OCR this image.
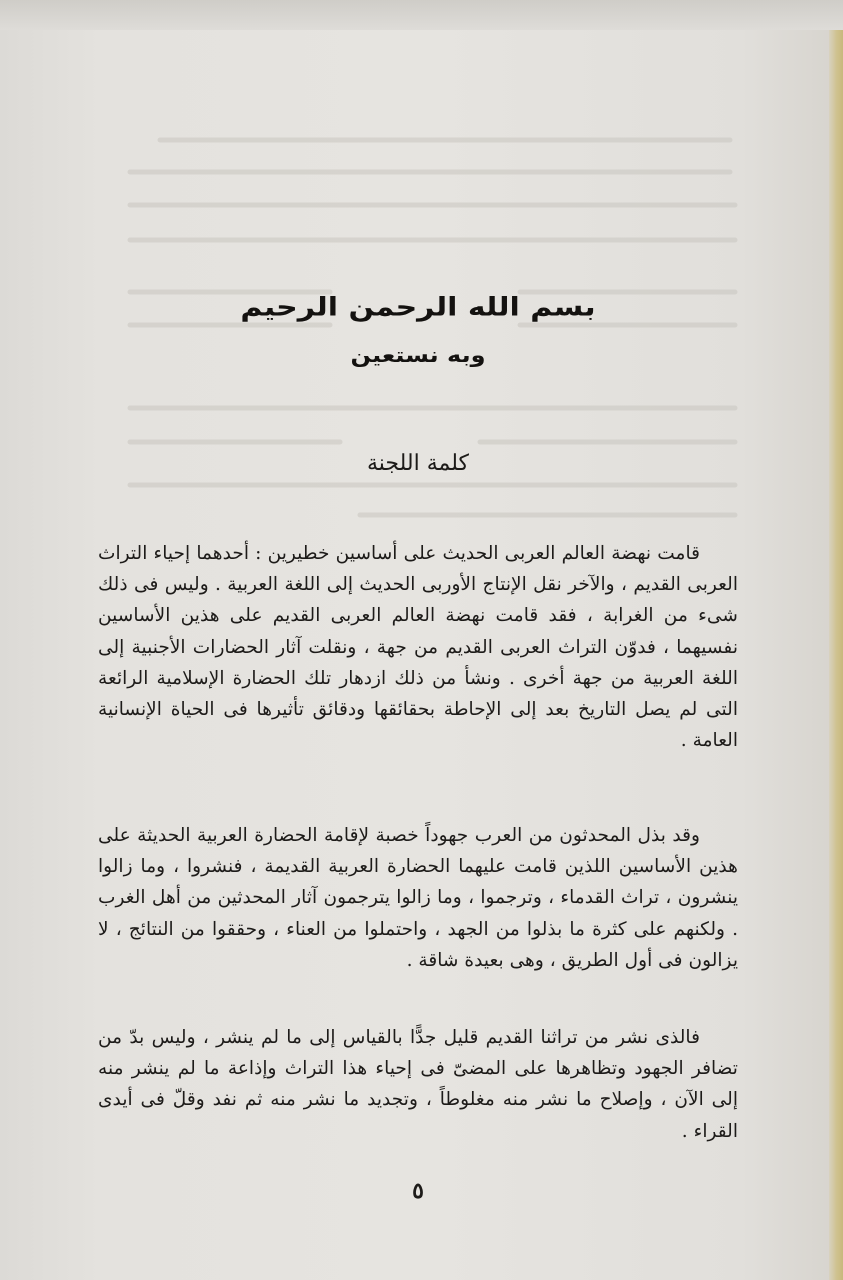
بسم الله الرحمن الرحيم
وبه نستعين
كلمة اللجنة

قامت نهضة العالم العربى الحديث على أساسين خطيرين : أحدهما إحياء التراث العربى القديم ، والآخر نقل الإنتاج الأوربى الحديث إلى اللغة العربية . وليس فى ذلك شىء من الغرابة ، فقد قامت نهضة العالم العربى القديم على هذين الأساسين نفسيهما ، فدوّن التراث العربى القديم من جهة ، ونقلت آثار الحضارات الأجنبية إلى اللغة العربية من جهة أخرى . ونشأ من ذلك ازدهار تلك الحضارة الإسلامية الرائعة التى لم يصل التاريخ بعد إلى الإحاطة بحقائقها ودقائق تأثيرها فى الحياة الإنسانية العامة .

وقد بذل المحدثون من العرب جهوداً خصبة لإقامة الحضارة العربية الحديثة على هذين الأساسين اللذين قامت عليهما الحضارة العربية القديمة ، فنشروا ، وما زالوا ينشرون ، تراث القدماء ، وترجموا ، وما زالوا يترجمون آثار المحدثين من أهل الغرب . ولكنهم على كثرة ما بذلوا من الجهد ، واحتملوا من العناء ، وحققوا من النتائج ، لا يزالون فى أول الطريق ، وهى بعيدة شاقة .

فالذى نشر من تراثنا القديم قليل جدًّا بالقياس إلى ما لم ينشر ، وليس بدّ من تضافر الجهود وتظاهرها على المضىّ فى إحياء هذا التراث وإذاعة ما لم ينشر منه إلى الآن ، وإصلاح ما نشر منه مغلوطاً ، وتجديد ما نشر منه ثم نفد وقلّ فى أيدى القراء .

٥
